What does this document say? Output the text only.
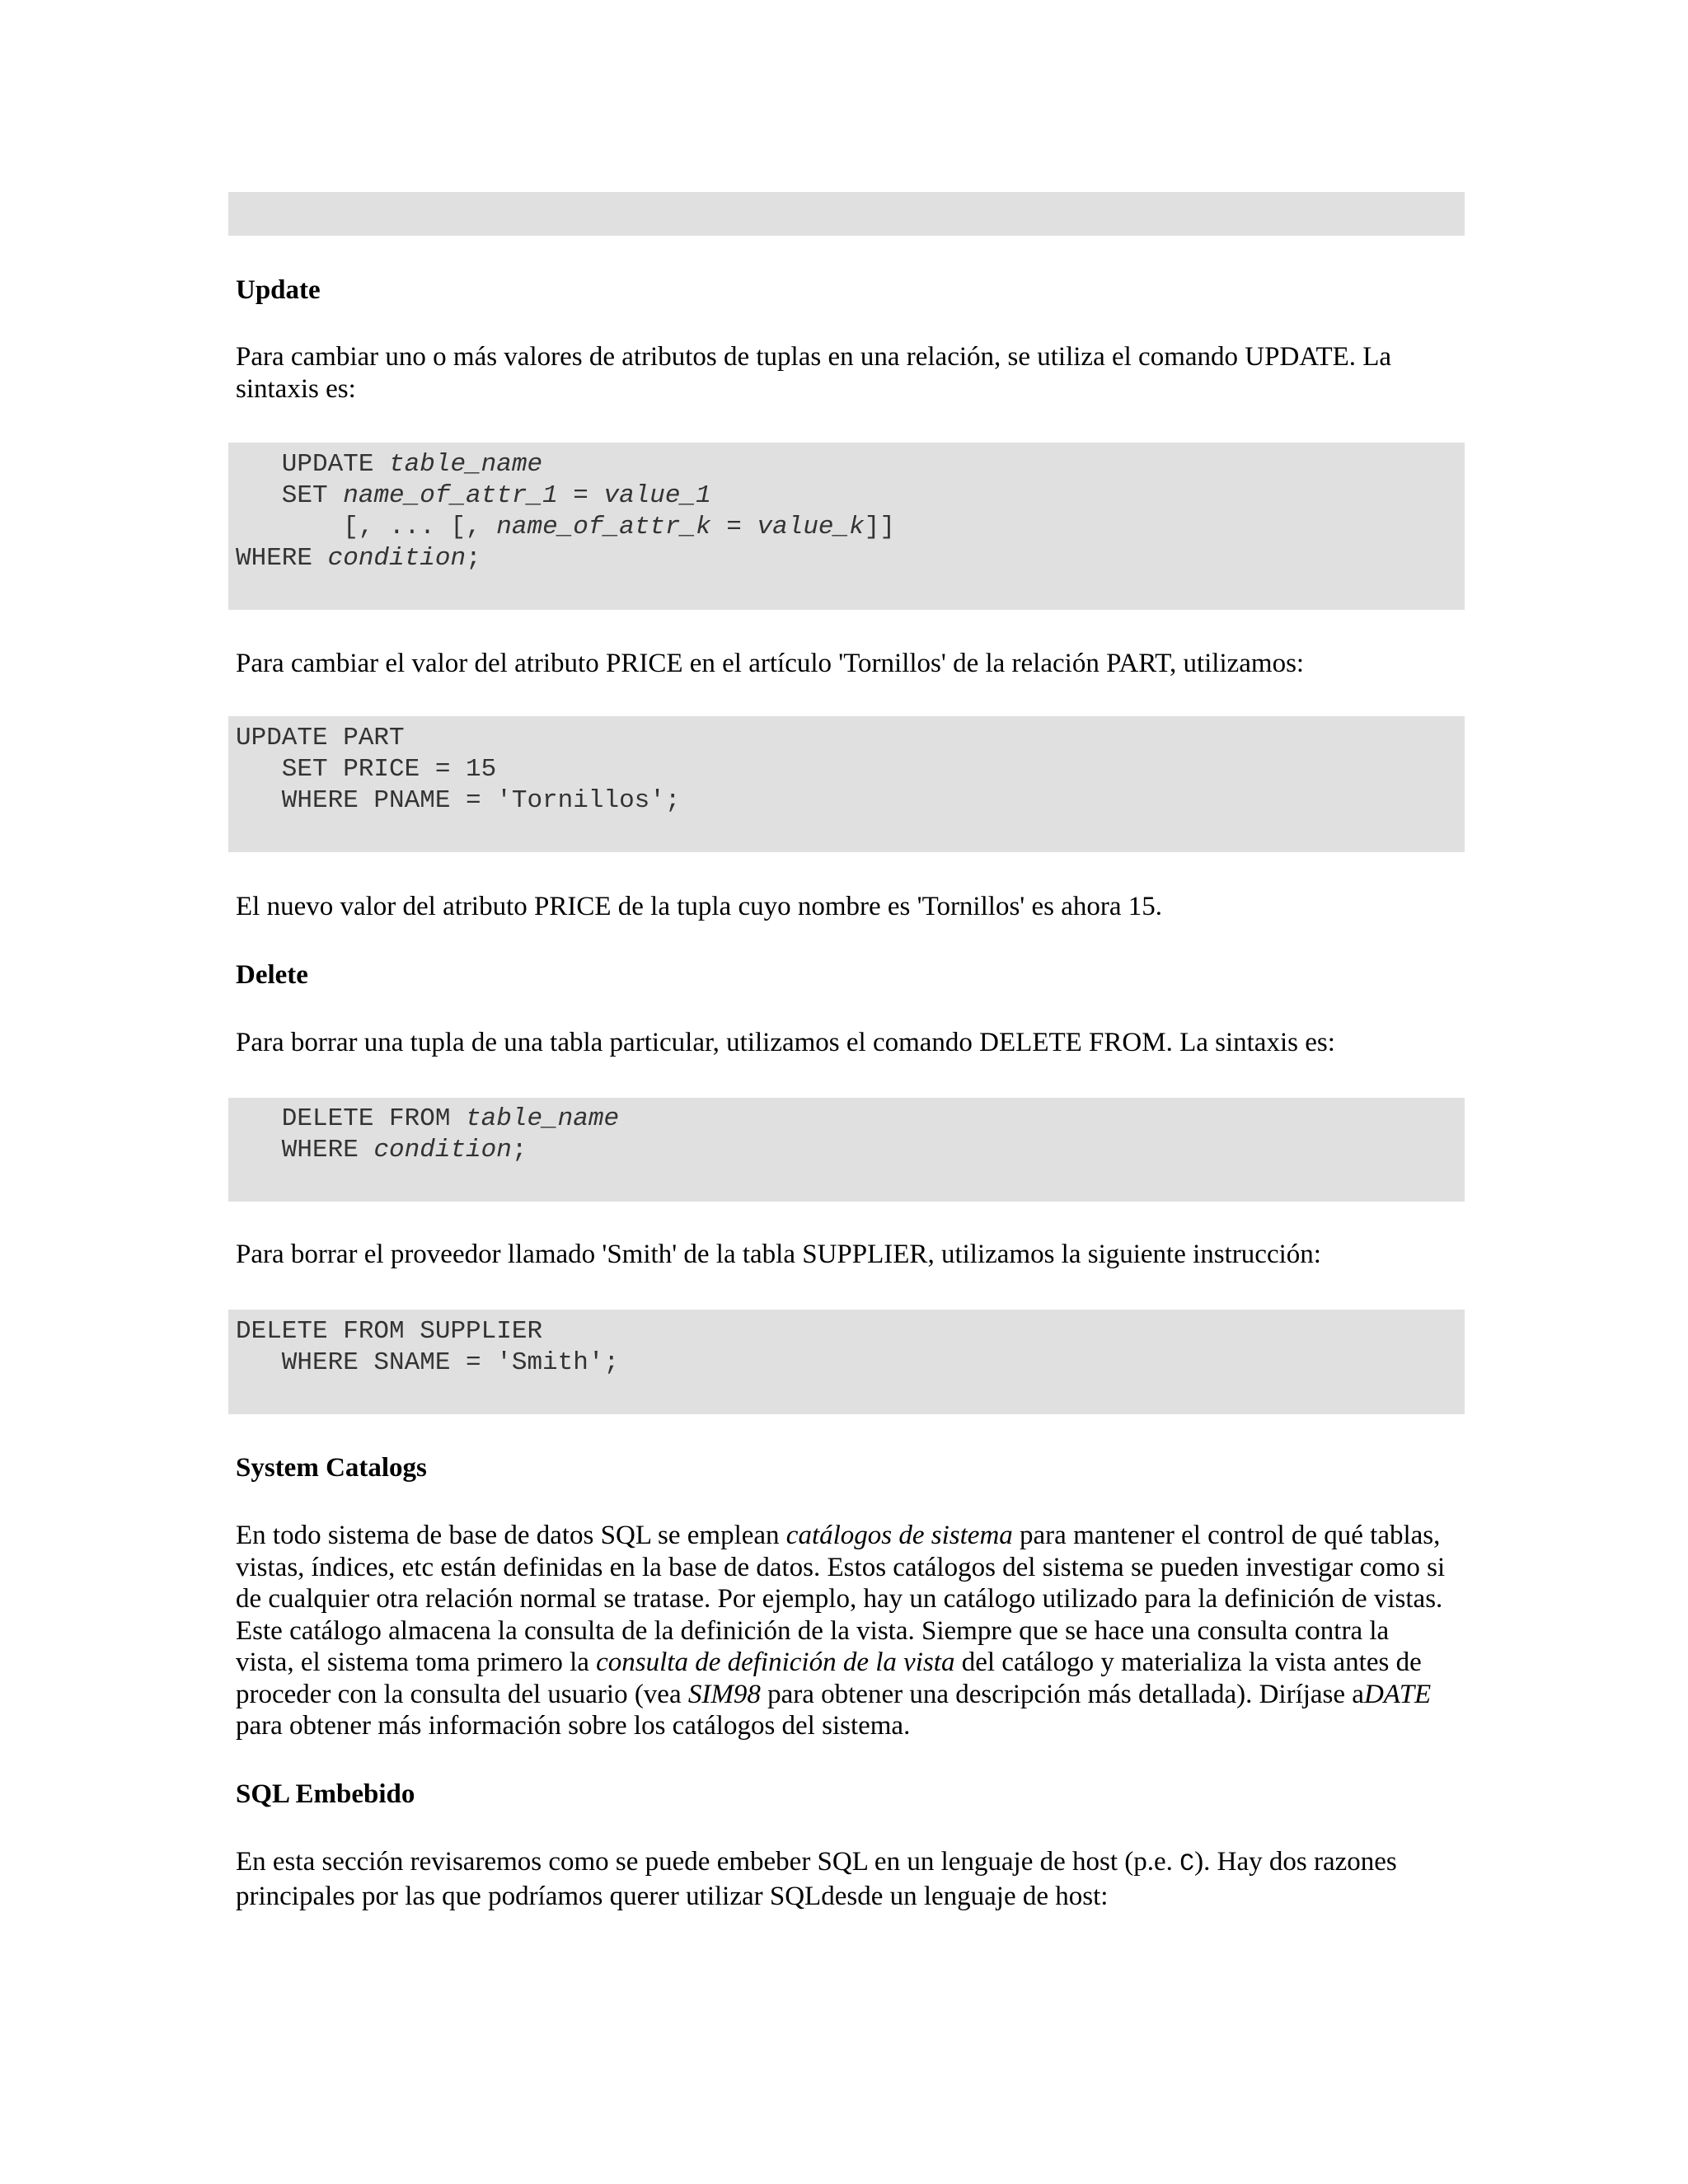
Update

Para cambiar uno o más valores de atributos de tuplas en una relación, se utiliza el comando UPDATE. La sintaxis es:

UPDATE table_name
SET name_of_attr_1 = value_1
[, ... [, name_of_attr_k = value_k]]
WHERE condition;

Para cambiar el valor del atributo PRICE en el artículo 'Tornillos' de la relación PART, utilizamos:

UPDATE PART
SET PRICE = 15
WHERE PNAME = 'Tornillos';

El nuevo valor del atributo PRICE de la tupla cuyo nombre es 'Tornillos' es ahora 15.

Delete

Para borrar una tupla de una tabla particular, utilizamos el comando DELETE FROM. La sintaxis es:

DELETE FROM table_name
WHERE condition;

Para borrar el proveedor llamado 'Smith' de la tabla SUPPLIER, utilizamos la siguiente instrucción:

DELETE FROM SUPPLIER
WHERE SNAME = 'Smith';
System Catalogs

En todo sistema de base de datos SQL se emplean catálogos de sistema para mantener el control de qué tablas, vistas, índices, etc están definidas en la base de datos. Estos catálogos del sistema se pueden investigar como si de cualquier otra relación normal se tratase. Por ejemplo, hay un catálogo utilizado para la definición de vistas. Este catálogo almacena la consulta de la definición de la vista. Siempre que se hace una consulta contra la vista, el sistema toma primero la consulta de definición de la vista del catálogo y materializa la vista antes de proceder con la consulta del usuario (vea SIM98 para obtener una descripción más detallada). Diríjase aDATE para obtener más información sobre los catálogos del sistema.

SQL Embebido

En esta sección revisaremos como se puede embeber SQL en un lenguaje de host (p.e. C). Hay dos razones principales por las que podríamos querer utilizar SQLdesde un lenguaje de host:
